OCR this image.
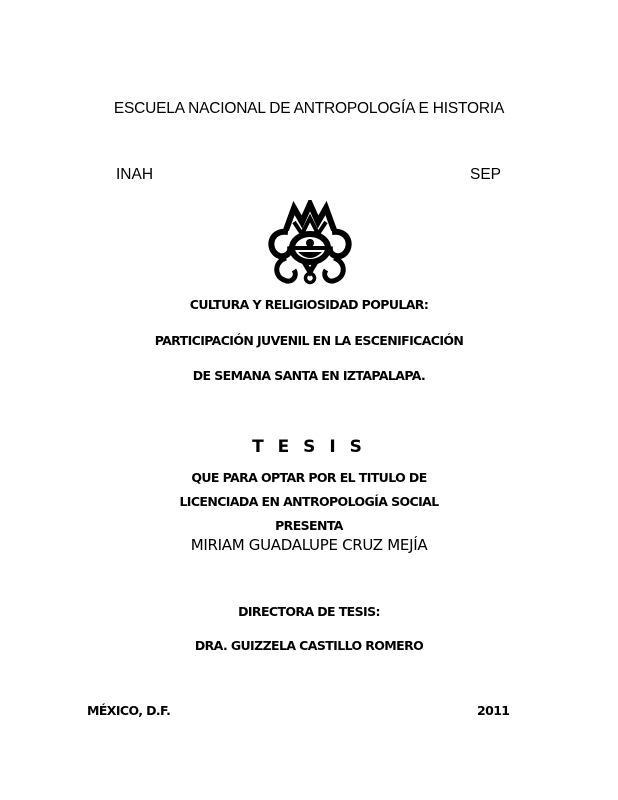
ESCUELA NACIONAL DE ANTROPOLOGÍA E HISTORIA
INAH	SEP
CULTURA Y RELIGIOSIDAD POPULAR:
PARTICIPACIÓN JUVENIL EN LA ESCENIFICACIÓN
DE SEMANA SANTA EN IZTAPALAPA.
T E S I S
QUE PARA OPTAR POR EL TITULO DE
LICENCIADA EN ANTROPOLOGÍA SOCIAL
PRESENTA
MIRIAM GUADALUPE CRUZ MEJÍA
DIRECTORA DE TESIS:
DRA. GUIZZELA CASTILLO ROMERO
MÉXICO, D.F.	2011
